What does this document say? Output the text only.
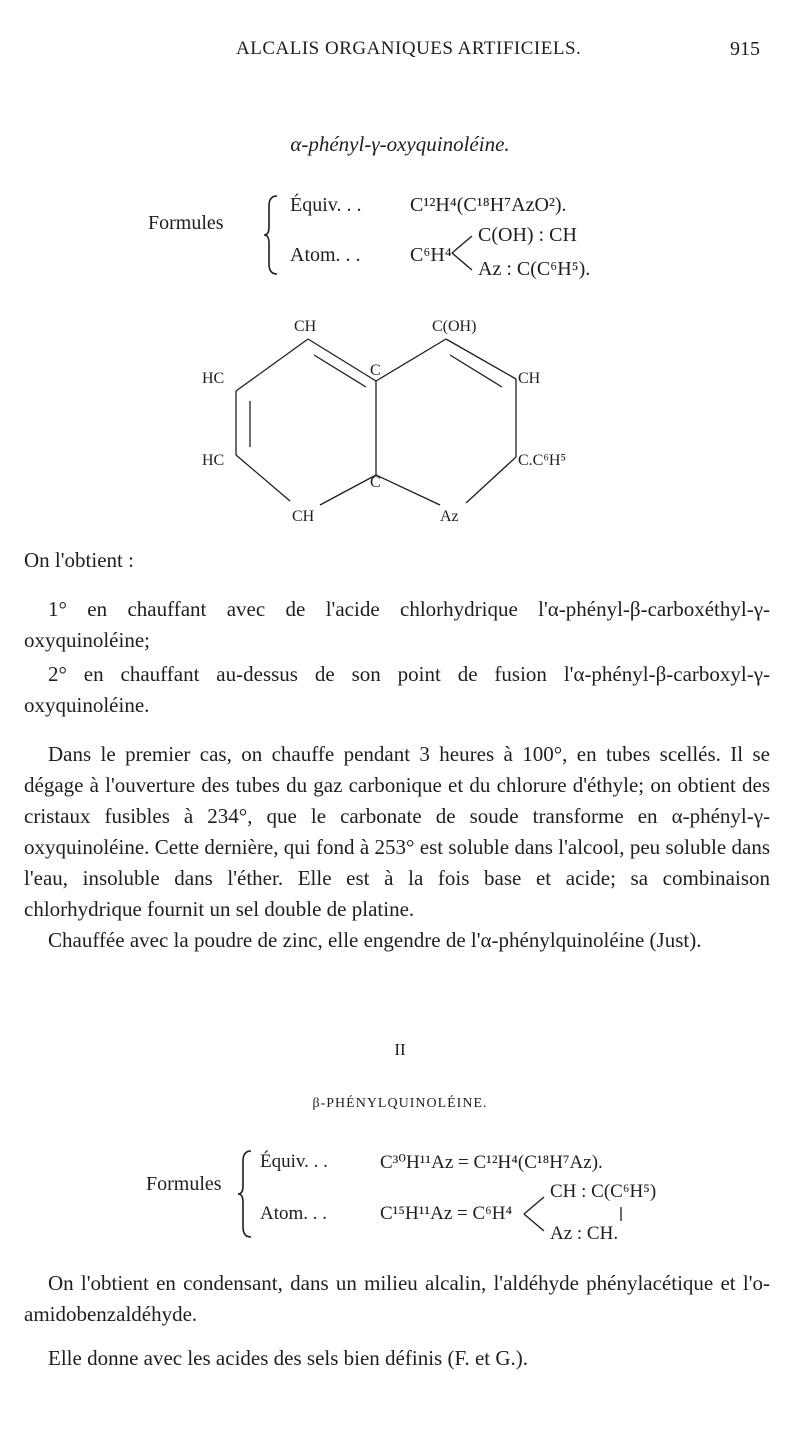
ALCALIS ORGANIQUES ARTIFICIELS.	915
α-phényl-γ-oxyquinoléine.
Formules
Équiv. . . C¹²H⁴(C¹⁸H⁷AzO²).
Atom. . . C⁶H⁴
C(OH) : CH
Az : C(C⁶H⁵).
CH	C(OH)
HC	C	CH
HC	C.C⁶H⁵
C
CH	Az
On l'obtient :
1° en chauffant avec de l'acide chlorhydrique l'α-phényl-β-carboxéthyl-γ-oxyquinoléine;
2° en chauffant au-dessus de son point de fusion l'α-phényl-β-carboxyl-γ-oxyquinoléine.
Dans le premier cas, on chauffe pendant 3 heures à 100°, en tubes scellés. Il se dégage à l'ouverture des tubes du gaz carbonique et du chlorure d'éthyle; on obtient des cristaux fusibles à 234°, que le carbonate de soude transforme en α-phényl-γ-oxyquinoléine. Cette dernière, qui fond à 253° est soluble dans l'alcool, peu soluble dans l'eau, insoluble dans l'éther. Elle est à la fois base et acide; sa combinaison chlorhydrique fournit un sel double de platine.
Chauffée avec la poudre de zinc, elle engendre de l'α-phénylquinoléine (Just).
II
β-PHÉNYLQUINOLÉINE.
Formules
Équiv. . .	C³⁰H¹¹Az = C¹²H⁴(C¹⁸H⁷Az).
Atom. . .	C¹⁵H¹¹Az = C⁶H⁴
CH : C(C⁶H⁵)
Az : CH.
On l'obtient en condensant, dans un milieu alcalin, l'aldéhyde phénylacétique et l'o-amidobenzaldéhyde.
Elle donne avec les acides des sels bien définis (F. et G.).
